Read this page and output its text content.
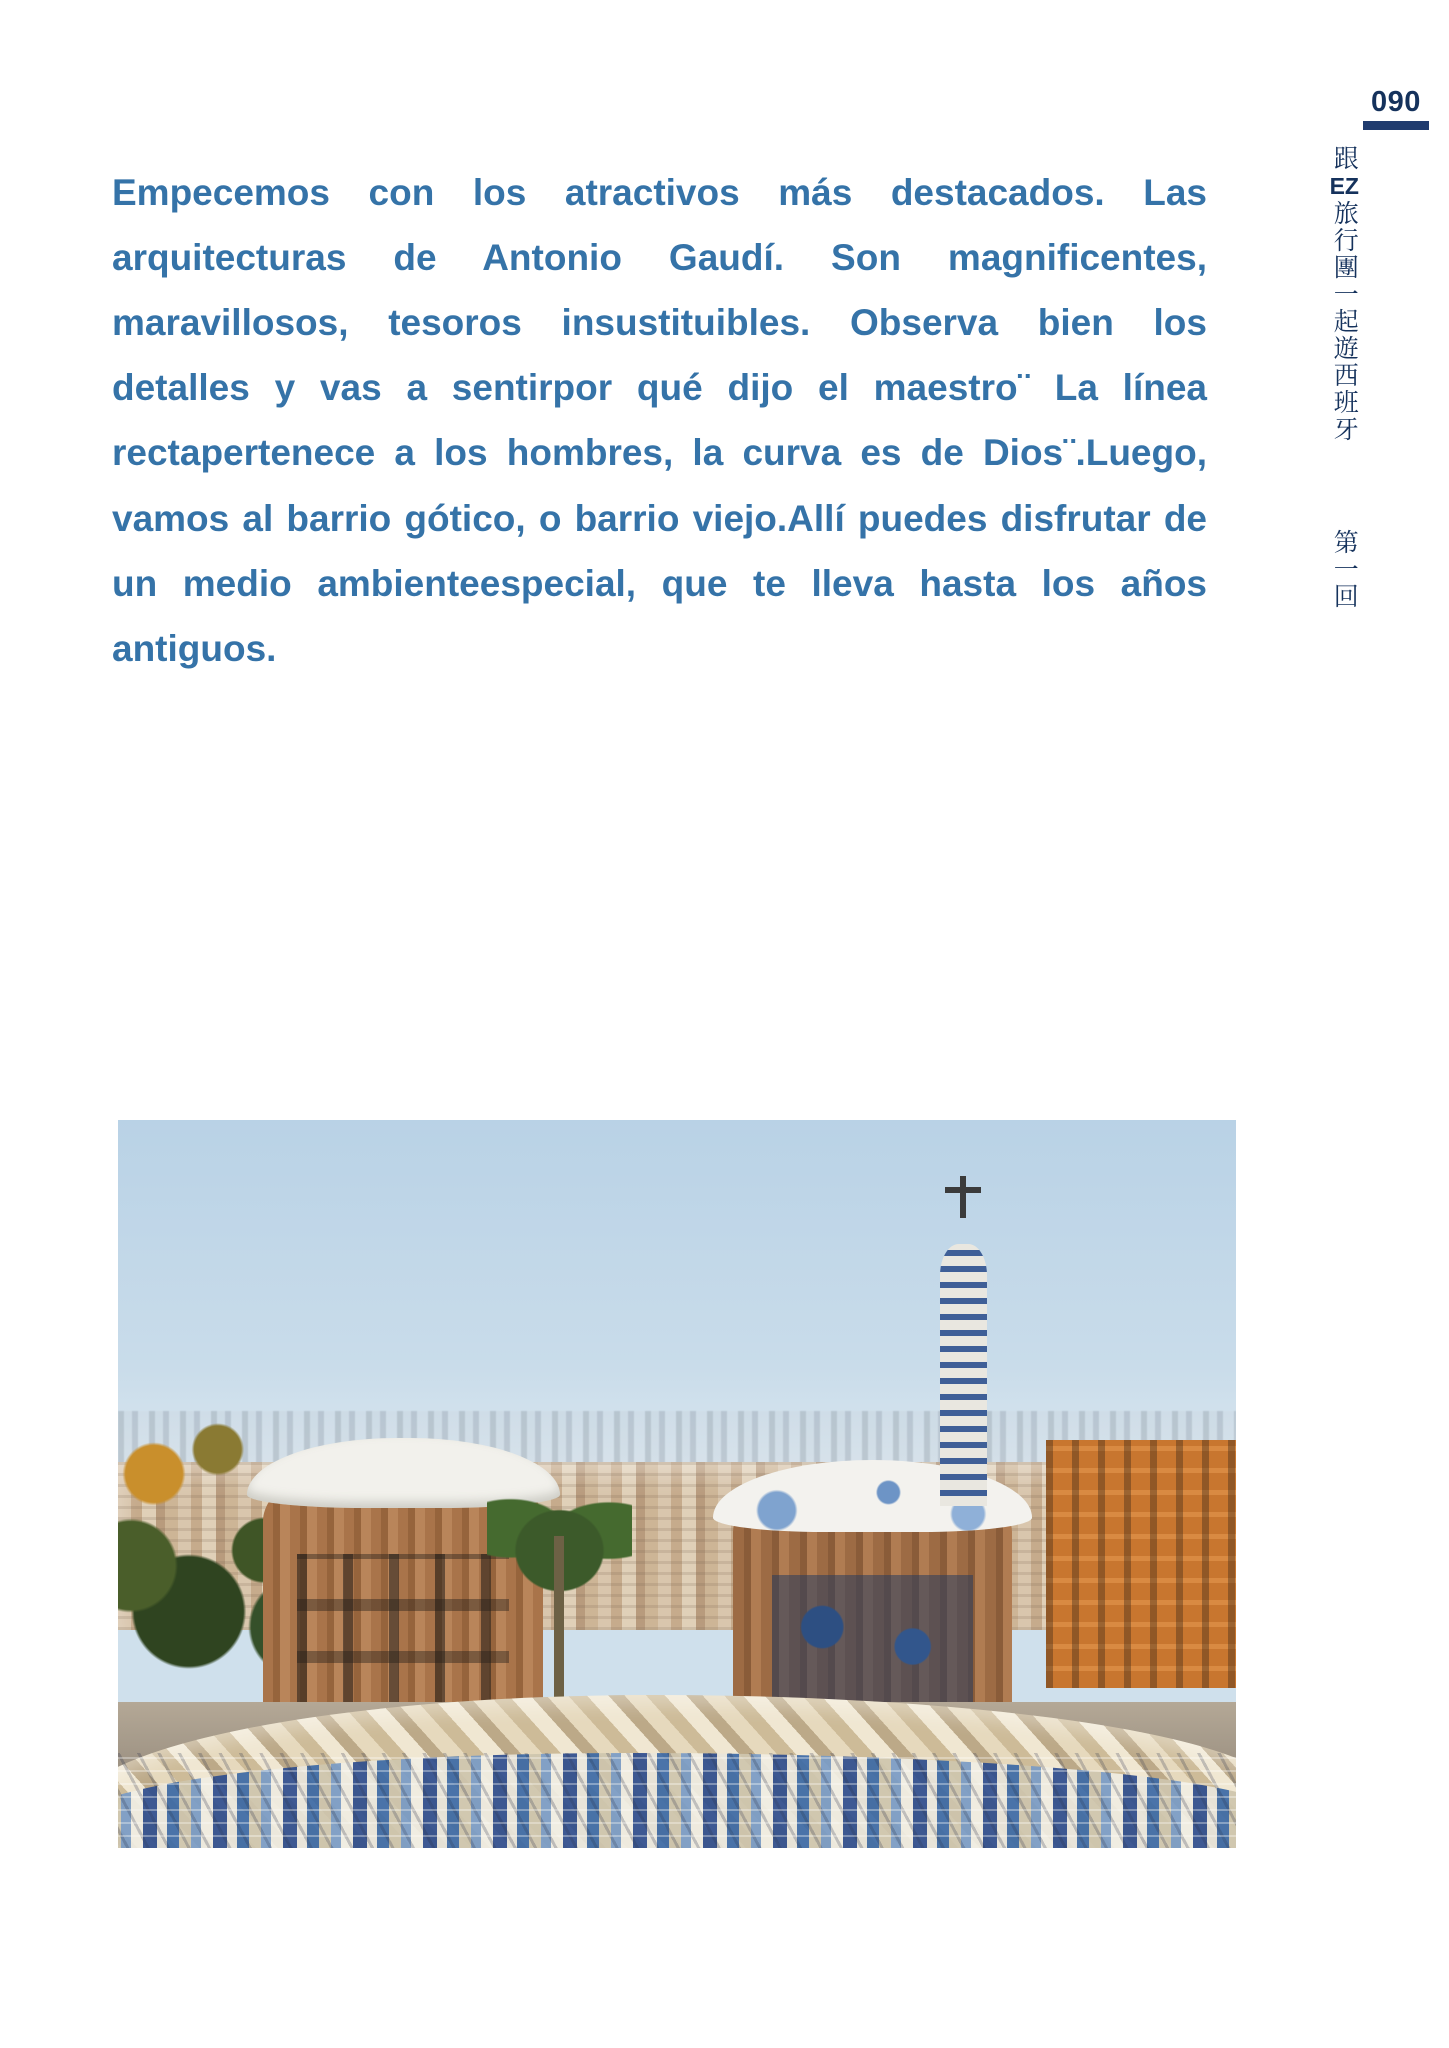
090
跟EZ旅行團一起遊西班牙
第一回

Empecemos con los atractivos más destacados. Las arquitecturas de Antonio Gaudí. Son magnificentes, maravillosos, tesoros insustituibles. Observa bien los detalles y vas a sentirpor qué dijo el maestro¨ La línea rectapertenece a los hombres, la curva es de Dios¨.Luego, vamos al barrio gótico, o barrio viejo.Allí puedes disfrutar de un medio ambienteespecial, que te lleva hasta los años antiguos.
